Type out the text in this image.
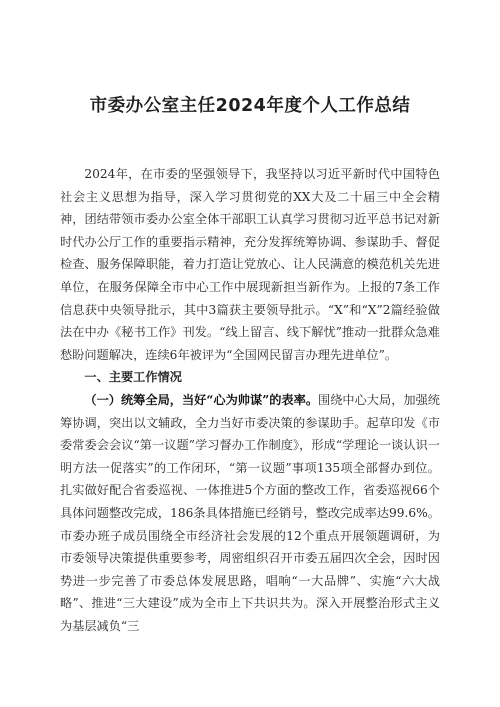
市委办公室主任2024年度个人工作总结

2024年，在市委的坚强领导下，我坚持以习近平新时代中国特色社会主义思想为指导，深入学习贯彻党的XX大及二十届三中全会精神，团结带领市委办公室全体干部职工认真学习贯彻习近平总书记对新时代办公厅工作的重要指示精神，充分发挥统筹协调、参谋助手、督促检查、服务保障职能，着力打造让党放心、让人民满意的模范机关先进单位，在服务保障全市中心工作中展现新担当新作为。上报的7条工作信息获中央领导批示，其中3篇获主要领导批示。“X”和“X”2篇经验做法在中办《秘书工作》刊发。“线上留言、线下解忧”推动一批群众急难愁盼问题解决，连续6年被评为“全国网民留言办理先进单位”。

一、主要工作情况

（一）统筹全局，当好“心为帅谋”的表率。围绕中心大局，加强统筹协调，突出以文辅政，全力当好市委决策的参谋助手。起草印发《市委常委会会议“第一议题”学习督办工作制度》，形成“学理论一谈认识一明方法一促落实”的工作闭环，“第一议题”事项135项全部督办到位。扎实做好配合省委巡视、一体推进5个方面的整改工作，省委巡视66个具体问题整改完成，186条具体措施已经销号，整改完成率达99.6%。市委办班子成员围绕全市经济社会发展的12个重点开展领题调研，为市委领导决策提供重要参考，周密组织召开市委五届四次全会，因时因势进一步完善了市委总体发展思路，唱响“一大品牌”、实施“六大战略”、推进“三大建设”成为全市上下共识共为。深入开展整治形式主义为基层减负“三
